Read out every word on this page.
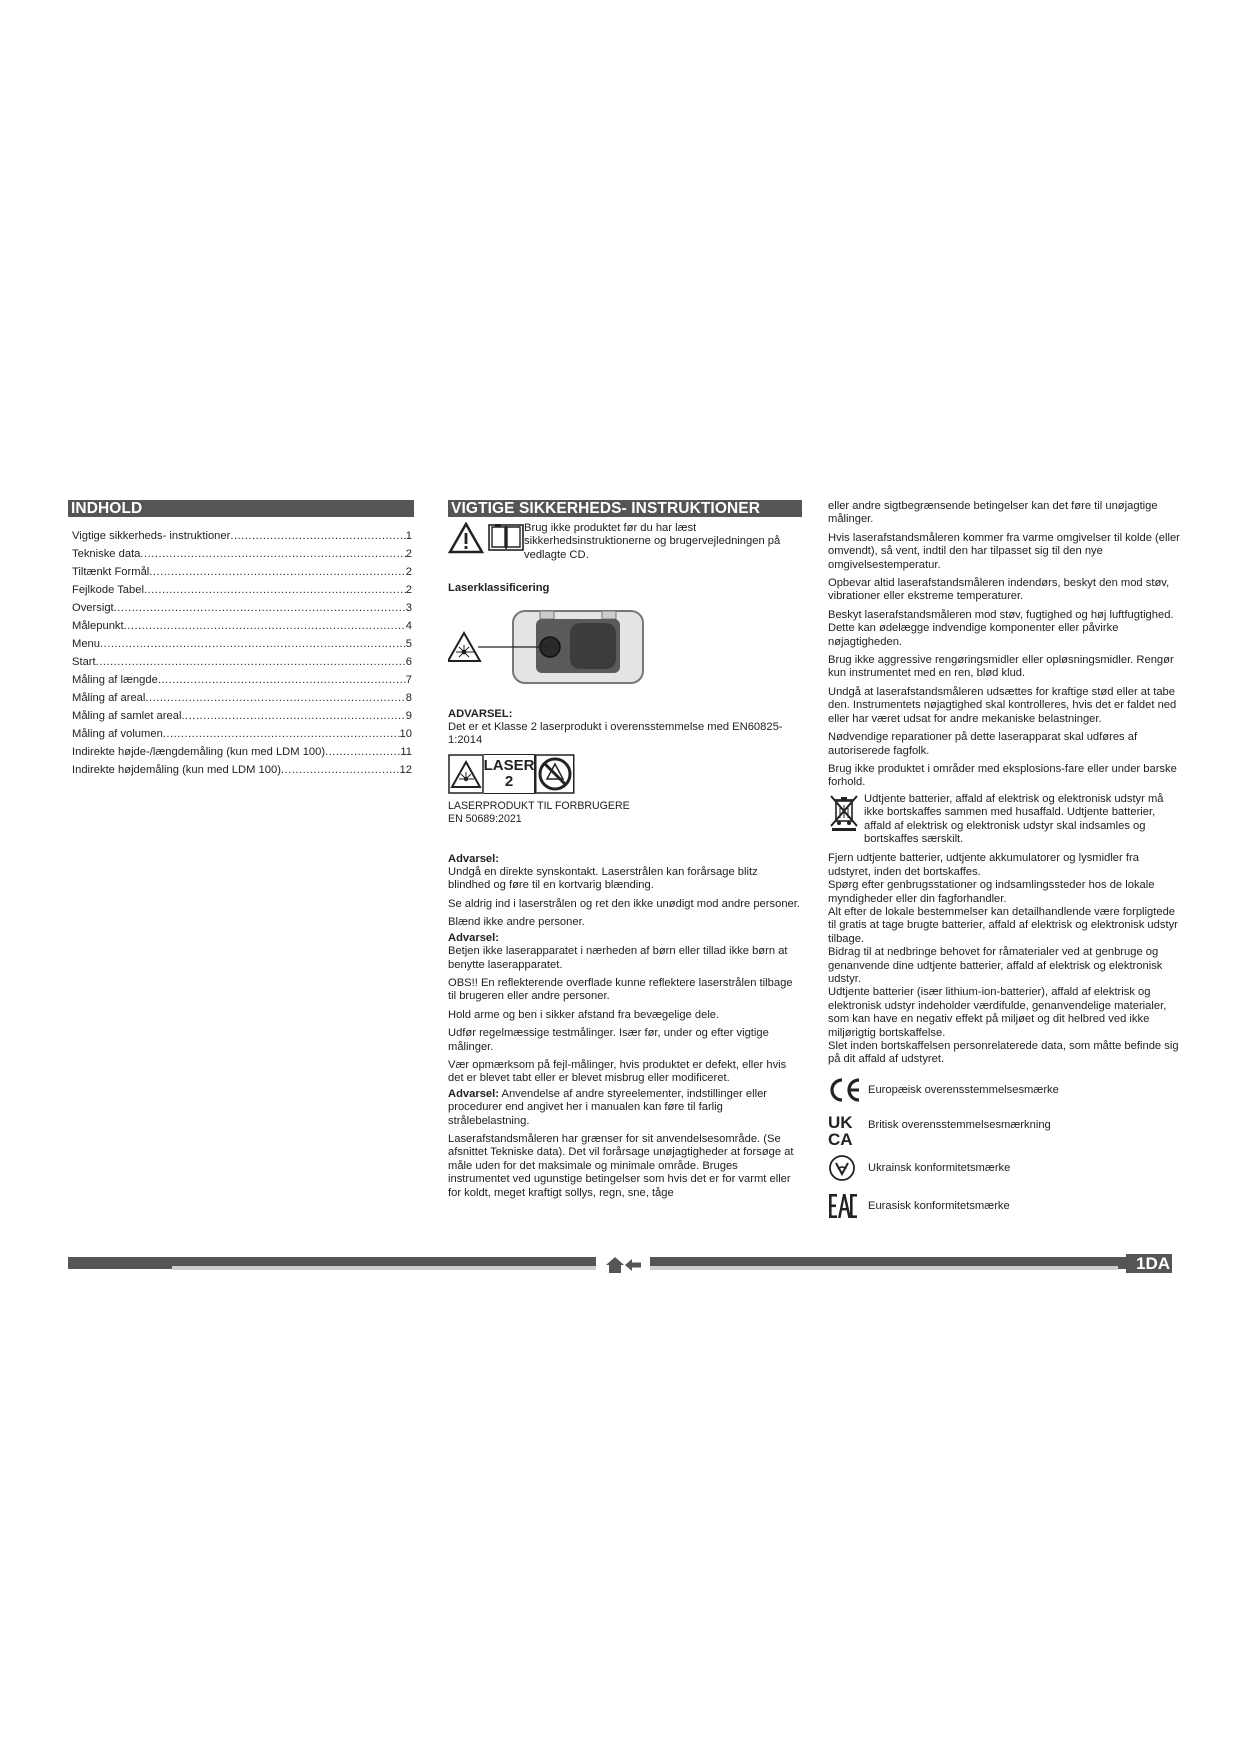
INDHOLD
Vigtige sikkerheds- instruktioner .....	1
Tekniske data .....	2
Tiltænkt Formål .....	2
Fejlkode Tabel .....	2
Oversigt .....	3
Målepunkt .....	4
Menu .....	5
Start .....	6
Måling af længde .....	7
Måling af areal .....	8
Måling af samlet areal .....	9
Måling af volumen .....	10
Indirekte højde-/længdemåling (kun med LDM 100) .....	11
Indirekte højdemåling (kun med LDM 100) .....	12
VIGTIGE SIKKERHEDS- INSTRUKTIONER
Brug ikke produktet før du har læst sikkerhedsinstruktionerne og brugervejledningen på vedlagte CD.
Laserklassificering
ADVARSEL:
Det er et Klasse 2 laserprodukt i overensstemmelse med EN60825-1:2014
LASER
2
LASERPRODUKT TIL FORBRUGERE
EN 50689:2021
Advarsel:
Undgå en direkte synskontakt. Laserstrålen kan forårsage blitz blindhed og føre til en kortvarig blænding.
Se aldrig ind i laserstrålen og ret den ikke unødigt mod andre personer.
Blænd ikke andre personer.
Advarsel:
Betjen ikke laserapparatet i nærheden af børn eller tillad ikke børn at benytte laserapparatet.
OBS!! En reflekterende overflade kunne reflektere laserstrålen tilbage til brugeren eller andre personer.
Hold arme og ben i sikker afstand fra bevægelige dele.
Udfør regelmæssige testmålinger. Især før, under og efter vigtige målinger.
Vær opmærksom på fejl-målinger, hvis produktet er defekt, eller hvis det er blevet tabt eller er blevet misbrug eller modificeret.
Advarsel: Anvendelse af andre styreelementer, indstillinger eller procedurer end angivet her i manualen kan føre til farlig strålebelastning.
Laserafstandsmåleren har grænser for sit anvendelsesområde. (Se afsnittet Tekniske data). Det vil forårsage unøjagtigheder at forsøge at måle uden for det maksimale og minimale område. Bruges instrumentet ved ugunstige betingelser som hvis det er for varmt eller for koldt, meget kraftigt sollys, regn, sne, tåge
eller andre sigtbegrænsende betingelser kan det føre til unøjagtige målinger.
Hvis laserafstandsmåleren kommer fra varme omgivelser til kolde (eller omvendt), så vent, indtil den har tilpasset sig til den nye omgivelsestemperatur.
Opbevar altid laserafstandsmåleren indendørs, beskyt den mod støv, vibrationer eller ekstreme temperaturer.
Beskyt laserafstandsmåleren mod støv, fugtighed og høj luftfugtighed. Dette kan ødelægge indvendige komponenter eller påvirke nøjagtigheden.
Brug ikke aggressive rengøringsmidler eller opløsningsmidler. Rengør kun instrumentet med en ren, blød klud.
Undgå at laserafstandsmåleren udsættes for kraftige stød eller at tabe den. Instrumentets nøjagtighed skal kontrolleres, hvis det er faldet ned eller har været udsat for andre mekaniske belastninger.
Nødvendige reparationer på dette laserapparat skal udføres af autoriserede fagfolk.
Brug ikke produktet i områder med eksplosions-fare eller under barske forhold.
Udtjente batterier, affald af elektrisk og elektronisk udstyr må ikke bortskaffes sammen med husaffald. Udtjente batterier, affald af elektrisk og elektronisk udstyr skal indsamles og bortskaffes særskilt.
Fjern udtjente batterier, udtjente akkumulatorer og lysmidler fra udstyret, inden det bortskaffes.
Spørg efter genbrugsstationer og indsamlingssteder hos de lokale myndigheder eller din fagforhandler.
Alt efter de lokale bestemmelser kan detailhandlende være forpligtede til gratis at tage brugte batterier, affald af elektrisk og elektronisk udstyr tilbage.
Bidrag til at nedbringe behovet for råmaterialer ved at genbruge og genanvende dine udtjente batterier, affald af elektrisk og elektronisk udstyr.
Udtjente batterier (især lithium-ion-batterier), affald af elektrisk og elektronisk udstyr indeholder værdifulde, genanvendelige materialer, som kan have en negativ effekt på miljøet og dit helbred ved ikke miljørigtig bortskaffelse.
Slet inden bortskaffelsen personrelaterede data, som måtte befinde sig på dit affald af udstyret.
Europæisk overensstemmelsesmærke
UK
CA
Britisk overensstemmelsesmærkning
Ukrainsk konformitetsmærke
Eurasisk konformitetsmærke
1DA
